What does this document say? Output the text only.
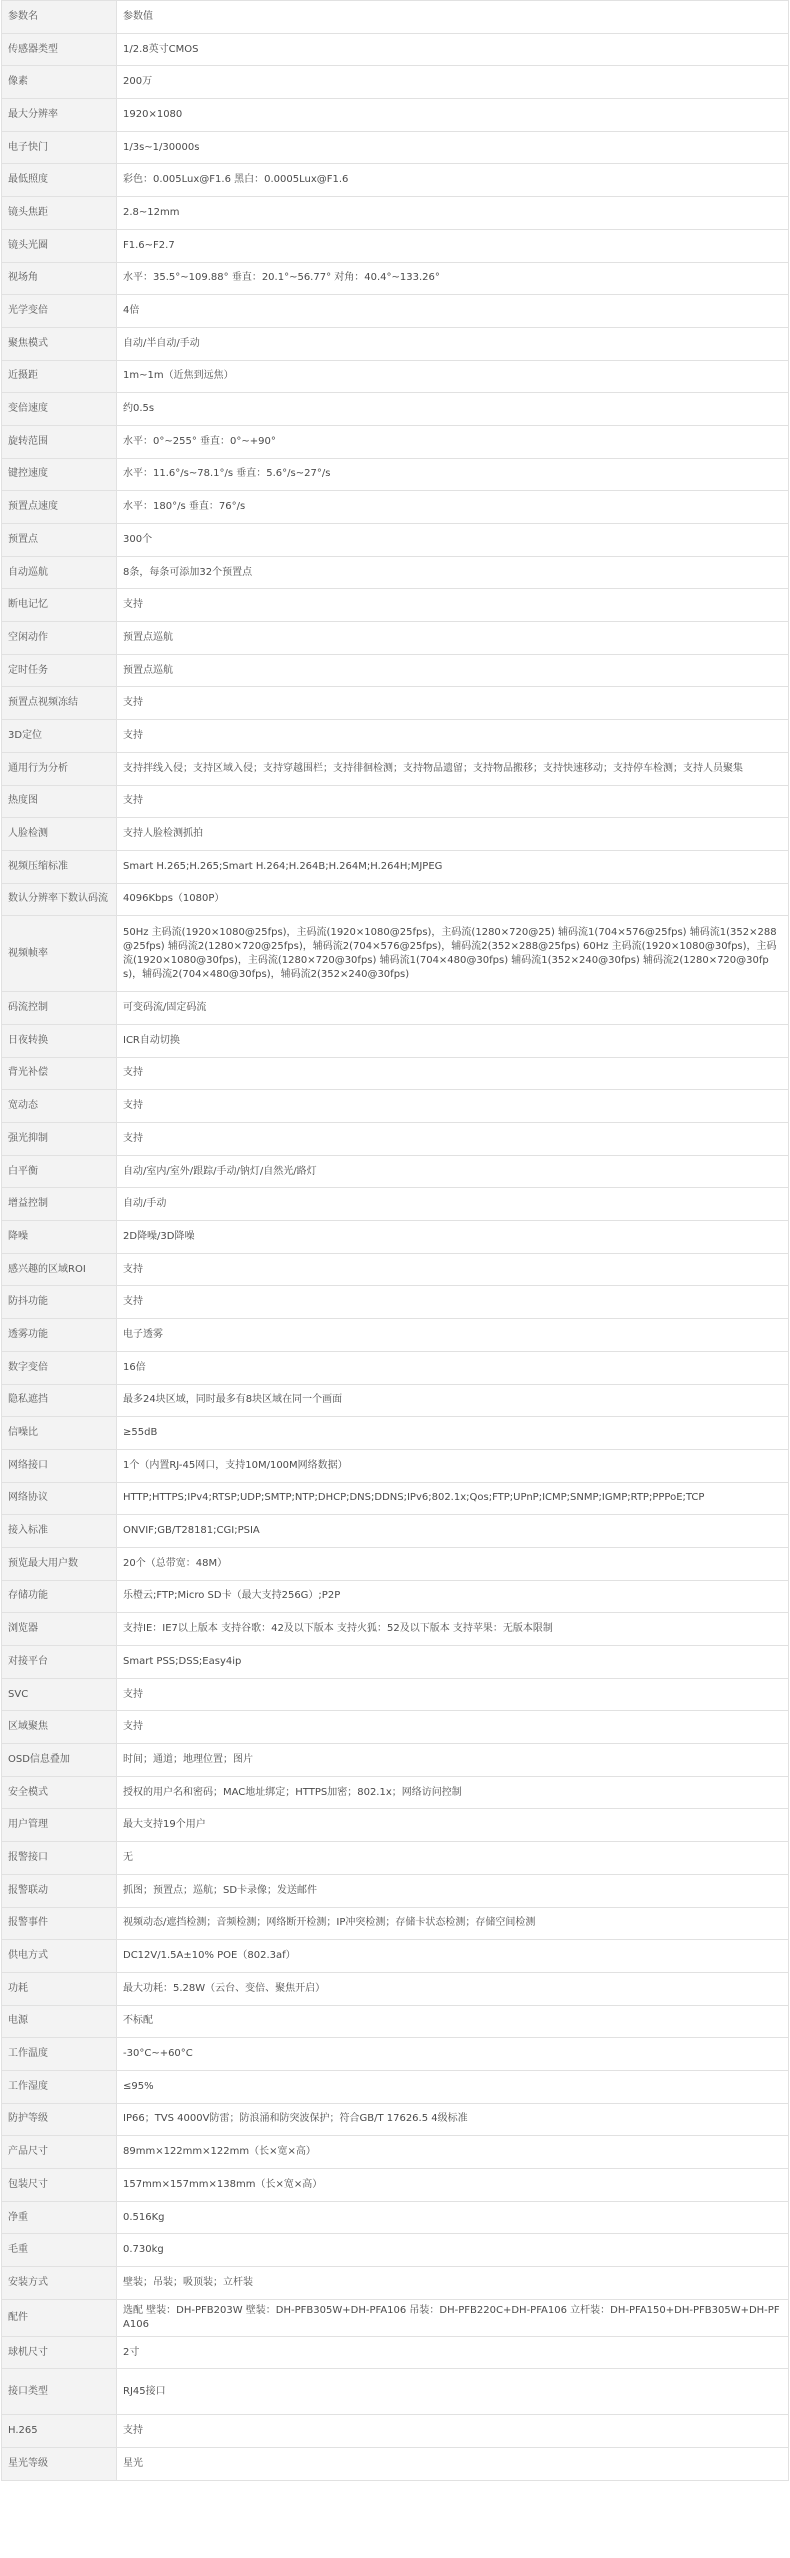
参数名	参数值
传感器类型	1/2.8英寸CMOS
像素	200万
最大分辨率	1920×1080
电子快门	1/3s~1/30000s
最低照度	彩色：0.005Lux@F1.6 黑白：0.0005Lux@F1.6
镜头焦距	2.8~12mm
镜头光圈	F1.6~F2.7
视场角	水平：35.5°~109.88° 垂直：20.1°~56.77° 对角：40.4°~133.26°
光学变倍	4倍
聚焦模式	自动/半自动/手动
近摄距	1m~1m（近焦到远焦）
变倍速度	约0.5s
旋转范围	水平：0°~255° 垂直：0°~+90°
键控速度	水平：11.6°/s~78.1°/s 垂直：5.6°/s~27°/s
预置点速度	水平：180°/s 垂直：76°/s
预置点	300个
自动巡航	8条，每条可添加32个预置点
断电记忆	支持
空闲动作	预置点巡航
定时任务	预置点巡航
预置点视频冻结	支持
3D定位	支持
通用行为分析	支持拌线入侵；支持区域入侵；支持穿越围栏；支持徘徊检测；支持物品遗留；支持物品搬移；支持快速移动；支持停车检测；支持人员聚集
热度图	支持
人脸检测	支持人脸检测抓拍
视频压缩标准	Smart H.265;H.265;Smart H.264;H.264B;H.264M;H.264H;MJPEG
数认分辨率下数认码流	4096Kbps（1080P）
视频帧率	50Hz 主码流(1920×1080@25fps)，主码流(1920×1080@25fps)，主码流(1280×720@25) 辅码流1(704×576@25fps) 辅码流1(352×288@25fps) 辅码流2(1280×720@25fps)，辅码流2(704×576@25fps)，辅码流2(352×288@25fps) 60Hz 主码流(1920×1080@30fps)，主码流(1920×1080@30fps)，主码流(1280×720@30fps) 辅码流1(704×480@30fps) 辅码流1(352×240@30fps) 辅码流2(1280×720@30fps)，辅码流2(704×480@30fps)，辅码流2(352×240@30fps)
码流控制	可变码流/固定码流
日夜转换	ICR自动切换
背光补偿	支持
宽动态	支持
强光抑制	支持
白平衡	自动/室内/室外/跟踪/手动/钠灯/自然光/路灯
增益控制	自动/手动
降噪	2D降噪/3D降噪
感兴趣的区域ROI	支持
防抖功能	支持
透雾功能	电子透雾
数字变倍	16倍
隐私遮挡	最多24块区域，同时最多有8块区域在同一个画面
信噪比	≥55dB
网络接口	1个（内置RJ-45网口，支持10M/100M网络数据）
网络协议	HTTP;HTTPS;IPv4;RTSP;UDP;SMTP;NTP;DHCP;DNS;DDNS;IPv6;802.1x;Qos;FTP;UPnP;ICMP;SNMP;IGMP;RTP;PPPoE;TCP
接入标准	ONVIF;GB/T28181;CGI;PSIA
预览最大用户数	20个（总带宽：48M）
存储功能	乐橙云;FTP;Micro SD卡（最大支持256G）;P2P
浏览器	支持IE：IE7以上版本 支持谷歌：42及以下版本 支持火狐：52及以下版本 支持苹果：无版本限制
对接平台	Smart PSS;DSS;Easy4ip
SVC	支持
区域聚焦	支持
OSD信息叠加	时间；通道；地理位置；图片
安全模式	授权的用户名和密码；MAC地址绑定；HTTPS加密；802.1x；网络访问控制
用户管理	最大支持19个用户
报警接口	无
报警联动	抓图；预置点；巡航；SD卡录像；发送邮件
报警事件	视频动态/遮挡检测；音频检测；网络断开检测；IP冲突检测；存储卡状态检测；存储空间检测
供电方式	DC12V/1.5A±10% POE（802.3af）
功耗	最大功耗：5.28W（云台、变倍、聚焦开启）
电源	不标配
工作温度	-30°C~+60°C
工作湿度	≤95%
防护等级	IP66；TVS 4000V防雷；防浪涌和防突波保护；符合GB/T 17626.5 4级标准
产品尺寸	89mm×122mm×122mm（长×宽×高）
包装尺寸	157mm×157mm×138mm（长×宽×高）
净重	0.516Kg
毛重	0.730kg
安装方式	壁装；吊装；吸顶装；立杆装
配件	选配 壁装：DH-PFB203W 壁装：DH-PFB305W+DH-PFA106 吊装：DH-PFB220C+DH-PFA106 立杆装：DH-PFA150+DH-PFB305W+DH-PFA106
球机尺寸	2寸
接口类型	RJ45接口
H.265	支持
星光等级	星光
